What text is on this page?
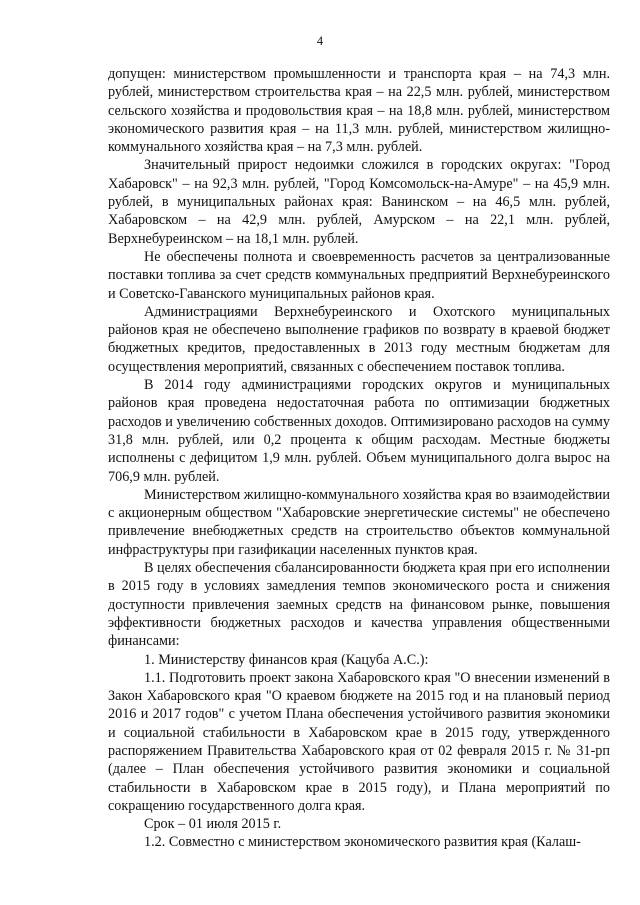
4

допущен: министерством промышленности и транспорта края – на 74,3 млн. рублей, министерством строительства края – на 22,5 млн. рублей, министерством сельского хозяйства и продовольствия края – на 18,8 млн. рублей, министерством экономического развития края – на 11,3 млн. рублей, министерством жилищно-коммунального хозяйства края – на 7,3 млн. рублей.

Значительный прирост недоимки сложился в городских округах: "Город Хабаровск" – на 92,3 млн. рублей, "Город Комсомольск-на-Амуре" – на 45,9 млн. рублей, в муниципальных районах края: Ванинском – на 46,5 млн. рублей, Хабаровском – на 42,9 млн. рублей, Амурском – на 22,1 млн. рублей, Верхнебуреинском – на 18,1 млн. рублей.

Не обеспечены полнота и своевременность расчетов за централизованные поставки топлива за счет средств коммунальных предприятий Верхнебуреинского и Советско-Гаванского муниципальных районов края.

Администрациями Верхнебуреинского и Охотского муниципальных районов края не обеспечено выполнение графиков по возврату в краевой бюджет бюджетных кредитов, предоставленных в 2013 году местным бюджетам для осуществления мероприятий, связанных с обеспечением поставок топлива.

В 2014 году администрациями городских округов и муниципальных районов края проведена недостаточная работа по оптимизации бюджетных расходов и увеличению собственных доходов. Оптимизировано расходов на сумму 31,8 млн. рублей, или 0,2 процента к общим расходам. Местные бюджеты исполнены с дефицитом 1,9 млн. рублей. Объем муниципального долга вырос на 706,9 млн. рублей.

Министерством жилищно-коммунального хозяйства края во взаимодействии с акционерным обществом "Хабаровские энергетические системы" не обеспечено привлечение внебюджетных средств на строительство объектов коммунальной инфраструктуры при газификации населенных пунктов края.

В целях обеспечения сбалансированности бюджета края при его исполнении в 2015 году в условиях замедления темпов экономического роста и снижения доступности привлечения заемных средств на финансовом рынке, повышения эффективности бюджетных расходов и качества управления общественными финансами:

1. Министерству финансов края (Кацуба А.С.):

1.1. Подготовить проект закона Хабаровского края "О внесении изменений в Закон Хабаровского края "О краевом бюджете на 2015 год и на плановый период 2016 и 2017 годов" с учетом Плана обеспечения устойчивого развития экономики и социальной стабильности в Хабаровском крае в 2015 году, утвержденного распоряжением Правительства Хабаровского края от 02 февраля 2015 г. № 31-рп (далее – План обеспечения устойчивого развития экономики и социальной стабильности в Хабаровском крае в 2015 году), и Плана мероприятий по сокращению государственного долга края.

Срок – 01 июля 2015 г.

1.2. Совместно с министерством экономического развития края (Калаш-
